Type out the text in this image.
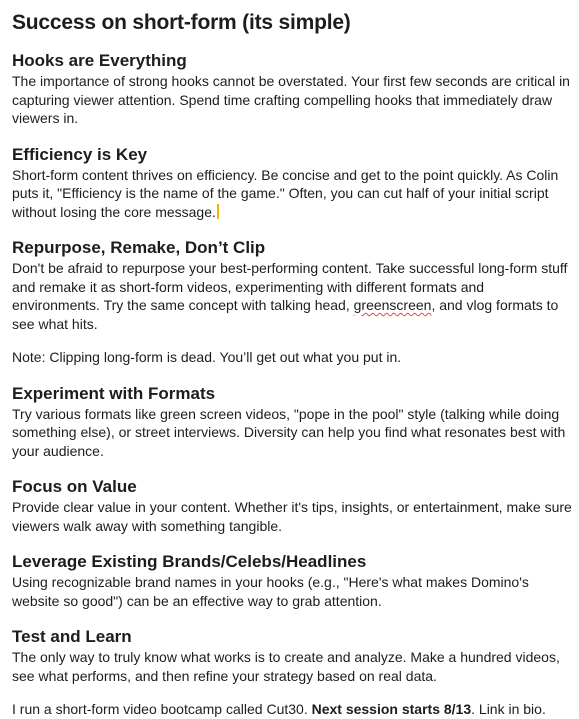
Success on short-form (its simple)
Hooks are Everything

The importance of strong hooks cannot be overstated. Your first few seconds are critical in capturing viewer attention. Spend time crafting compelling hooks that immediately draw viewers in.

Efficiency is Key

Short-form content thrives on efficiency. Be concise and get to the point quickly. As Colin puts it, "Efficiency is the name of the game." Often, you can cut half of your initial script without losing the core message.

Repurpose, Remake, Don’t Clip

Don't be afraid to repurpose your best-performing content. Take successful long-form stuff and remake it as short-form videos, experimenting with different formats and environments. Try the same concept with talking head, greenscreen, and vlog formats to see what hits.

Note: Clipping long-form is dead. You’ll get out what you put in.

Experiment with Formats

Try various formats like green screen videos, "pope in the pool" style (talking while doing something else), or street interviews. Diversity can help you find what resonates best with your audience.

Focus on Value

Provide clear value in your content. Whether it's tips, insights, or entertainment, make sure viewers walk away with something tangible.

Leverage Existing Brands/Celebs/Headlines

Using recognizable brand names in your hooks (e.g., "Here's what makes Domino's website so good") can be an effective way to grab attention.

Test and Learn

The only way to truly know what works is to create and analyze. Make a hundred videos, see what performs, and then refine your strategy based on real data.

I run a short-form video bootcamp called Cut30. Next session starts 8/13. Link in bio.
